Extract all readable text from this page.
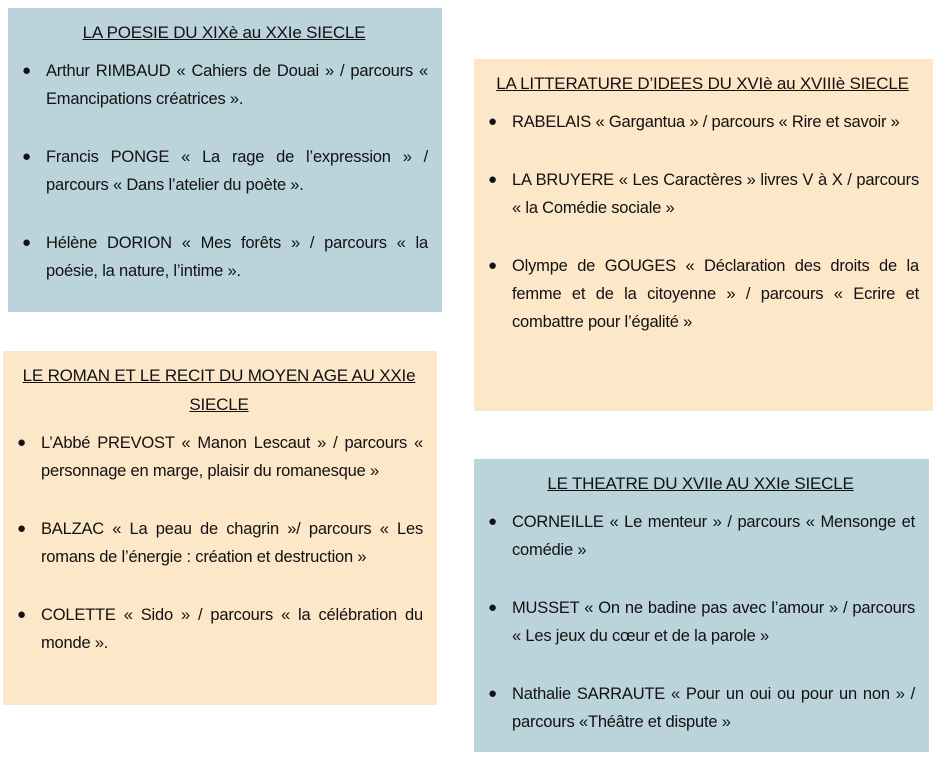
LA POESIE DU XIXè au XXIe SIECLE
● Arthur RIMBAUD « Cahiers de Douai » / parcours « Emancipations créatrices ».
● Francis PONGE « La rage de l’expression » / parcours « Dans l’atelier du poète ».
● Hélène DORION « Mes forêts » / parcours « la poésie, la nature, l’intime ».
LA LITTERATURE D’IDEES DU XVIè au XVIIIè SIECLE
● RABELAIS « Gargantua » / parcours « Rire et savoir »
● LA BRUYERE « Les Caractères » livres V à X / parcours « la Comédie sociale »
● Olympe de GOUGES « Déclaration des droits de la femme et de la citoyenne » / parcours « Ecrire et combattre pour l’égalité »
LE ROMAN ET LE RECIT DU MOYEN AGE AU XXIe SIECLE
● L’Abbé PREVOST « Manon Lescaut » / parcours « personnage en marge, plaisir du romanesque »
● BALZAC « La peau de chagrin »/ parcours « Les romans de l’énergie : création et destruction »
● COLETTE « Sido » / parcours « la célébration du monde ».
LE THEATRE DU XVIIe AU XXIe SIECLE
● CORNEILLE « Le menteur » / parcours « Mensonge et comédie »
● MUSSET « On ne badine pas avec l’amour » / parcours « Les jeux du cœur et de la parole »
● Nathalie SARRAUTE « Pour un oui ou pour un non » / parcours «Théâtre et dispute »
